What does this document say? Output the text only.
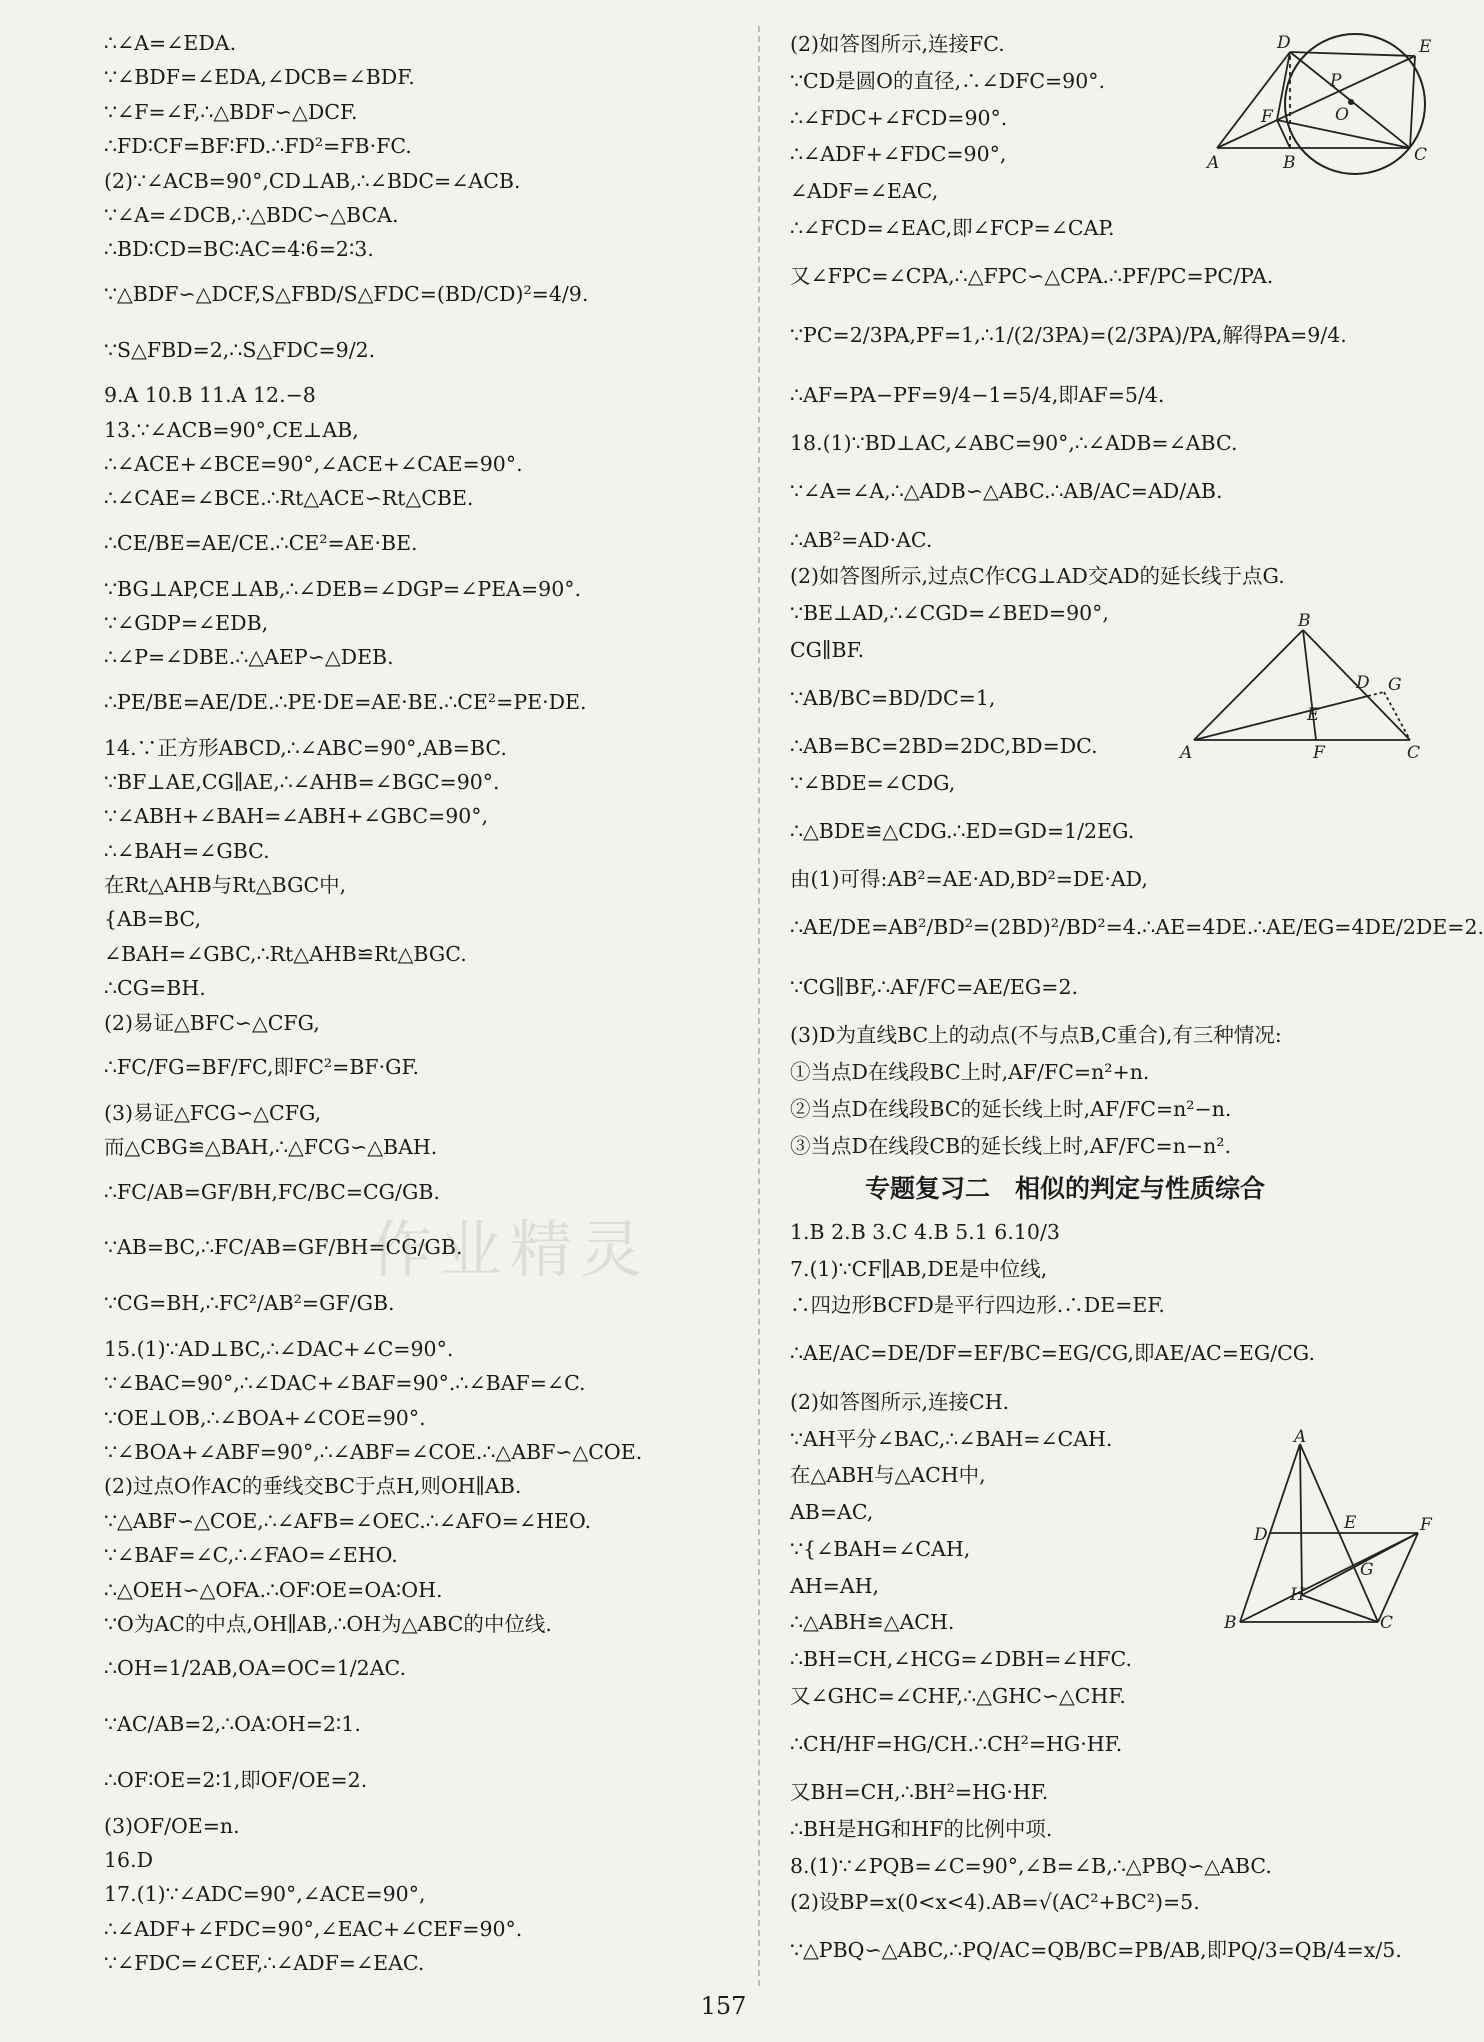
∴∠A=∠EDA.
∵∠BDF=∠EDA,∠DCB=∠BDF.
∵∠F=∠F,∴△BDF∽△DCF.
∴FD∶CF=BF∶FD.∴FD²=FB·FC.
(2)∵∠ACB=90°,CD⊥AB,∴∠BDC=∠ACB.
∵∠A=∠DCB,∴△BDC∽△BCA.
∴BD∶CD=BC∶AC=4∶6=2∶3.
∵△BDF∽△DCF,S△FBD/S△FDC=(BD/CD)²=4/9.
∵S△FBD=2,∴S△FDC=9/2.
9.A 10.B 11.A 12.−8
13.∵∠ACB=90°,CE⊥AB,
∴∠ACE+∠BCE=90°,∠ACE+∠CAE=90°.
∴∠CAE=∠BCE.∴Rt△ACE∽Rt△CBE.
∴CE/BE=AE/CE.∴CE²=AE·BE.
∵BG⊥AP,CE⊥AB,∴∠DEB=∠DGP=∠PEA=90°.
∵∠GDP=∠EDB,
∴∠P=∠DBE.∴△AEP∽△DEB.
∴PE/BE=AE/DE.∴PE·DE=AE·BE.∴CE²=PE·DE.
14.∵正方形ABCD,∴∠ABC=90°,AB=BC.
∵BF⊥AE,CG∥AE,∴∠AHB=∠BGC=90°.
∵∠ABH+∠BAH=∠ABH+∠GBC=90°,
∴∠BAH=∠GBC.
在Rt△AHB与Rt△BGC中,
{AB=BC,
∠BAH=∠GBC,∴Rt△AHB≌Rt△BGC.
∴CG=BH.
(2)易证△BFC∽△CFG,
∴FC/FG=BF/FC,即FC²=BF·GF.
(3)易证△FCG∽△CFG,
而△CBG≌△BAH,∴△FCG∽△BAH.
∴FC/AB=GF/BH,FC/BC=CG/GB.
∵AB=BC,∴FC/AB=GF/BH=CG/GB.
∵CG=BH,∴FC²/AB²=GF/GB.
15.(1)∵AD⊥BC,∴∠DAC+∠C=90°.
∵∠BAC=90°,∴∠DAC+∠BAF=90°.∴∠BAF=∠C.
∵OE⊥OB,∴∠BOA+∠COE=90°.
∵∠BOA+∠ABF=90°,∴∠ABF=∠COE.∴△ABF∽△COE.
(2)过点O作AC的垂线交BC于点H,则OH∥AB.
∵△ABF∽△COE,∴∠AFB=∠OEC.∴∠AFO=∠HEO.
∵∠BAF=∠C,∴∠FAO=∠EHO.
∴△OEH∽△OFA.∴OF∶OE=OA∶OH.
∵O为AC的中点,OH∥AB,∴OH为△ABC的中位线.
∴OH=1/2AB,OA=OC=1/2AC.
∵AC/AB=2,∴OA∶OH=2∶1.
∴OF∶OE=2∶1,即OF/OE=2.
(3)OF/OE=n.
16.D
17.(1)∵∠ADC=90°,∠ACE=90°,
∴∠ADF+∠FDC=90°,∠EAC+∠CEF=90°.
∵∠FDC=∠CEF,∴∠ADF=∠EAC.
(2)如答图所示,连接FC.
∵CD是圆O的直径,∴∠DFC=90°.
∴∠FDC+∠FCD=90°.
∴∠ADF+∠FDC=90°,
∠ADF=∠EAC,
∴∠FCD=∠EAC,即∠FCP=∠CAP.
又∠FPC=∠CPA,∴△FPC∽△CPA.∴PF/PC=PC/PA.
∵PC=2/3PA,PF=1,∴1/(2/3PA)=(2/3PA)/PA,解得PA=9/4.
∴AF=PA−PF=9/4−1=5/4,即AF=5/4.
18.(1)∵BD⊥AC,∠ABC=90°,∴∠ADB=∠ABC.
∵∠A=∠A,∴△ADB∽△ABC.∴AB/AC=AD/AB.
∴AB²=AD·AC.
(2)如答图所示,过点C作CG⊥AD交AD的延长线于点G.
∵BE⊥AD,∴∠CGD=∠BED=90°,
CG∥BF.
∵AB/BC=BD/DC=1,
∴AB=BC=2BD=2DC,BD=DC.
∵∠BDE=∠CDG,
∴△BDE≌△CDG.∴ED=GD=1/2EG.
由(1)可得:AB²=AE·AD,BD²=DE·AD,
∴AE/DE=AB²/BD²=(2BD)²/BD²=4.∴AE=4DE.∴AE/EG=4DE/2DE=2.
∵CG∥BF,∴AF/FC=AE/EG=2.
(3)D为直线BC上的动点(不与点B,C重合),有三种情况:
①当点D在线段BC上时,AF/FC=n²+n.
②当点D在线段BC的延长线上时,AF/FC=n²−n.
③当点D在线段CB的延长线上时,AF/FC=n−n².
专题复习二　相似的判定与性质综合
1.B 2.B 3.C 4.B 5.1 6.10/3
7.(1)∵CF∥AB,DE是中位线,
∴四边形BCFD是平行四边形.∴DE=EF.
∴AE/AC=DE/DF=EF/BC=EG/CG,即AE/AC=EG/CG.
(2)如答图所示,连接CH.
∵AH平分∠BAC,∴∠BAH=∠CAH.
在△ABH与△ACH中,
AB=AC,
∵{∠BAH=∠CAH,
AH=AH,
∴△ABH≌△ACH.
∴BH=CH,∠HCG=∠DBH=∠HFC.
又∠GHC=∠CHF,∴△GHC∽△CHF.
∴CH/HF=HG/CH.∴CH²=HG·HF.
又BH=CH,∴BH²=HG·HF.
∴BH是HG和HF的比例中项.
8.(1)∵∠PQB=∠C=90°,∠B=∠B,∴△PBQ∽△ABC.
(2)设BP=x(0<x<4).AB=√(AC²+BC²)=5.
∵△PBQ∽△ABC,∴PQ/AC=QB/BC=PB/AB,即PQ/3=QB/4=x/5.
D	E
P
O
F
A	B	C
B
G
D
E
A	F	C
A
D
E	F
G
H
B	C
作业精灵
157
